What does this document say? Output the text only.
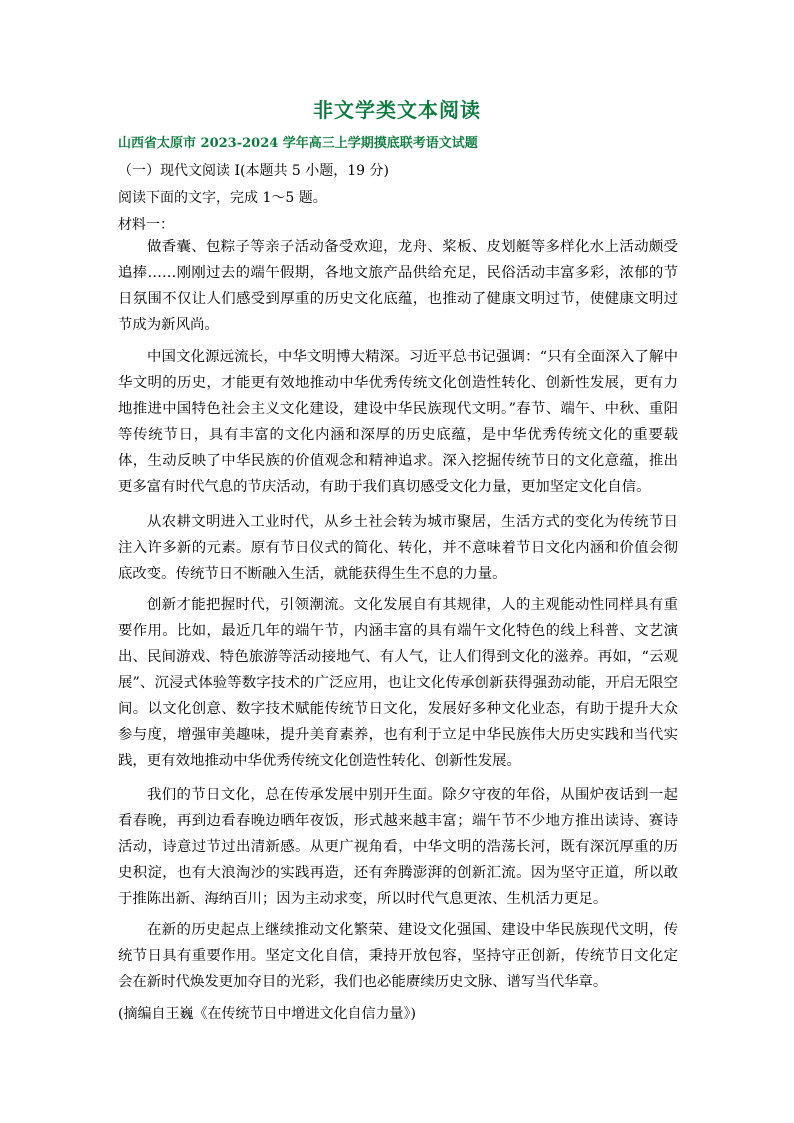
非文学类文本阅读
山西省太原市 2023-2024 学年高三上学期摸底联考语文试题
（一）现代文阅读 I(本题共 5 小题，19 分)
阅读下面的文字，完成 1～5 题。
材料一：

做香囊、包粽子等亲子活动备受欢迎，龙舟、桨板、皮划艇等多样化水上活动颇受追捧……刚刚过去的端午假期，各地文旅产品供给充足，民俗活动丰富多彩，浓郁的节日氛围不仅让人们感受到厚重的历史文化底蕴，也推动了健康文明过节，使健康文明过节成为新风尚。

中国文化源远流长，中华文明博大精深。习近平总书记强调：“只有全面深入了解中华文明的历史，才能更有效地推动中华优秀传统文化创造性转化、创新性发展，更有力地推进中国特色社会主义文化建设，建设中华民族现代文明。”春节、端午、中秋、重阳等传统节日，具有丰富的文化内涵和深厚的历史底蕴，是中华优秀传统文化的重要载体，生动反映了中华民族的价值观念和精神追求。深入挖掘传统节日的文化意蕴，推出更多富有时代气息的节庆活动，有助于我们真切感受文化力量，更加坚定文化自信。

从农耕文明进入工业时代，从乡土社会转为城市聚居，生活方式的变化为传统节日注入许多新的元素。原有节日仪式的简化、转化，并不意味着节日文化内涵和价值会彻底改变。传统节日不断融入生活，就能获得生生不息的力量。

创新才能把握时代，引领潮流。文化发展自有其规律，人的主观能动性同样具有重要作用。比如，最近几年的端午节，内涵丰富的具有端午文化特色的线上科普、文艺演出、民间游戏、特色旅游等活动接地气、有人气，让人们得到文化的滋养。再如，“云观展”、沉浸式体验等数字技术的广泛应用，也让文化传承创新获得强劲动能，开启无限空间。以文化创意、数字技术赋能传统节日文化，发展好多种文化业态，有助于提升大众参与度，增强审美趣味，提升美育素养，也有利于立足中华民族伟大历史实践和当代实践，更有效地推动中华优秀传统文化创造性转化、创新性发展。

我们的节日文化，总在传承发展中别开生面。除夕守夜的年俗，从围炉夜话到一起看春晚，再到边看春晚边晒年夜饭，形式越来越丰富；端午节不少地方推出读诗、赛诗活动，诗意过节过出清新感。从更广视角看，中华文明的浩荡长河，既有深沉厚重的历史积淀，也有大浪淘沙的实践再造，还有奔腾澎湃的创新汇流。因为坚守正道，所以敢于推陈出新、海纳百川；因为主动求变，所以时代气息更浓、生机活力更足。

在新的历史起点上继续推动文化繁荣、建设文化强国、建设中华民族现代文明，传统节日具有重要作用。坚定文化自信，秉持开放包容，坚持守正创新，传统节日文化定会在新时代焕发更加夺目的光彩，我们也必能赓续历史文脉、谱写当代华章。

(摘编自王巍《在传统节日中增进文化自信力量》)
